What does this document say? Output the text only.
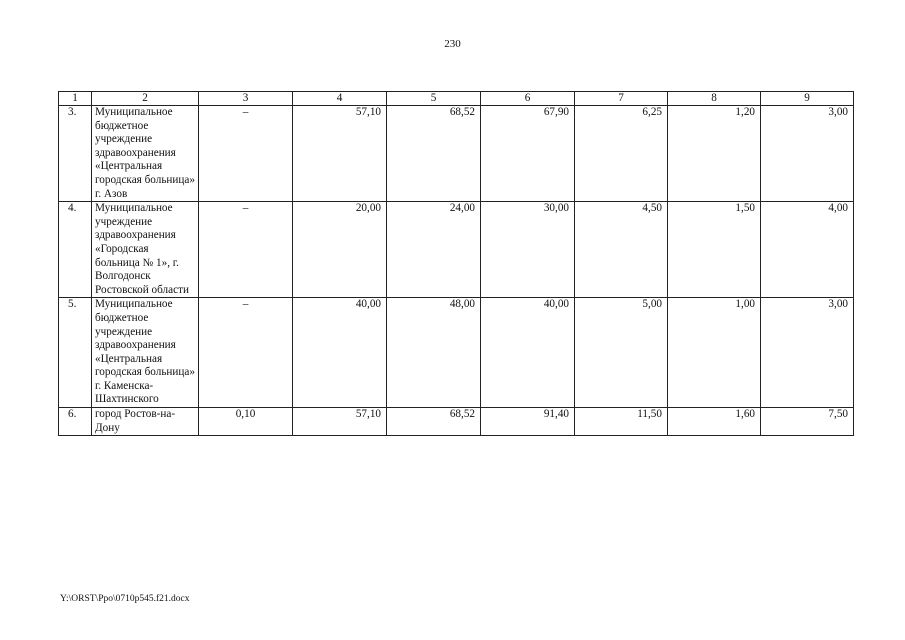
230
1	2	3	4	5	6	7	8	9
3.	Муниципальное бюджетное учреждение здравоохранения «Центральная городская больница» г. Азов	–	57,10	68,52	67,90	6,25	1,20	3,00
4.	Муниципальное учреждение здравоохранения «Городская больница № 1», г. Волгодонск Ростовской области	–	20,00	24,00	30,00	4,50	1,50	4,00
5.	Муниципальное бюджетное учреждение здравоохранения «Центральная городская больница» г. Каменска-Шахтинского	–	40,00	48,00	40,00	5,00	1,00	3,00
6.	город Ростов-на-Дону	0,10	57,10	68,52	91,40	11,50	1,60	7,50
Y:\ORST\Ppo\0710p545.f21.docx
